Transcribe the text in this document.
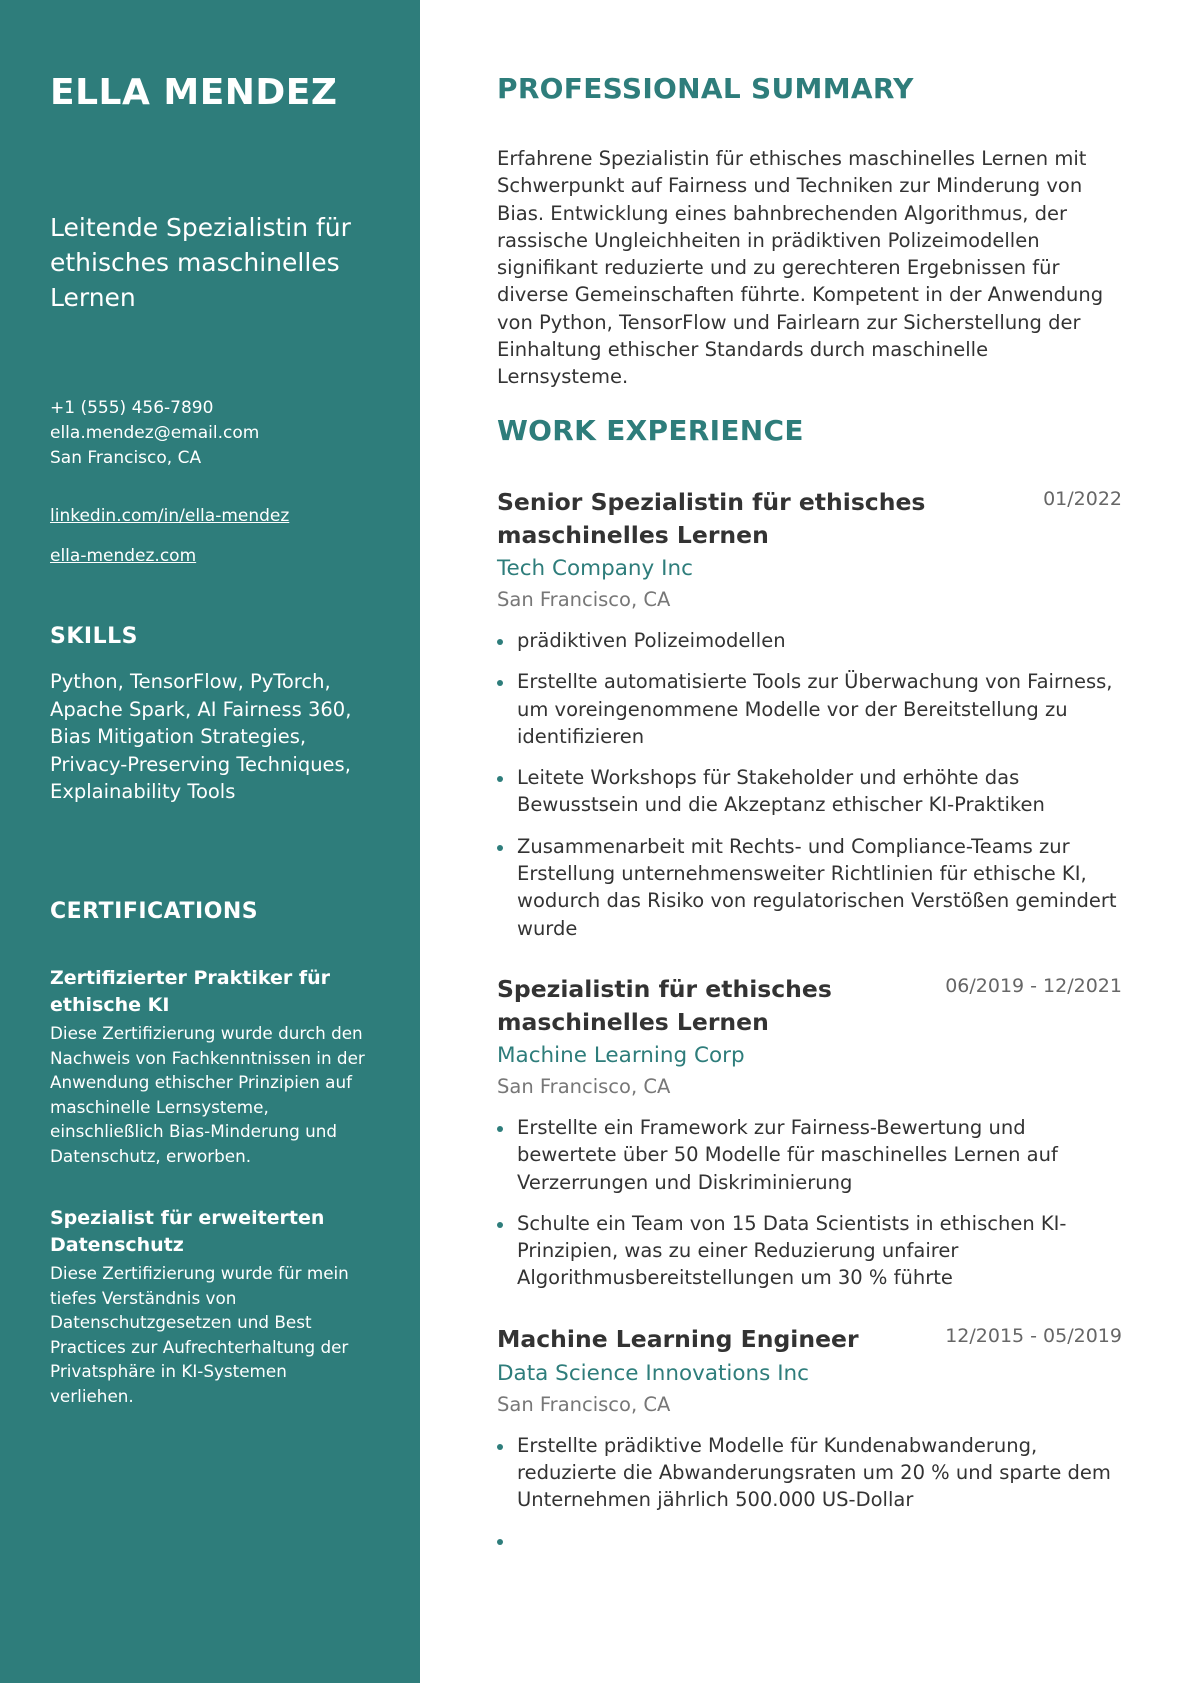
ELLA MENDEZ
Leitende Spezialistin für ethisches maschinelles Lernen
+1 (555) 456-7890
ella.mendez@email.com
San Francisco, CA
linkedin.com/in/ella-mendez
ella-mendez.com
SKILLS
Python, TensorFlow, PyTorch, Apache Spark, AI Fairness 360, Bias Mitigation Strategies, Privacy-Preserving Techniques, Explainability Tools
CERTIFICATIONS
Zertifizierter Praktiker für ethische KI
Diese Zertifizierung wurde durch den Nachweis von Fachkenntnissen in der Anwendung ethischer Prinzipien auf maschinelle Lernsysteme, einschließlich Bias-Minderung und Datenschutz, erworben.
Spezialist für erweiterten Datenschutz
Diese Zertifizierung wurde für mein tiefes Verständnis von Datenschutzgesetzen und Best Practices zur Aufrechterhaltung der Privatsphäre in KI-Systemen verliehen.
PROFESSIONAL SUMMARY
Erfahrene Spezialistin für ethisches maschinelles Lernen mit Schwerpunkt auf Fairness und Techniken zur Minderung von Bias. Entwicklung eines bahnbrechenden Algorithmus, der rassische Ungleichheiten in prädiktiven Polizeimodellen signifikant reduzierte und zu gerechteren Ergebnissen für diverse Gemeinschaften führte. Kompetent in der Anwendung von Python, TensorFlow und Fairlearn zur Sicherstellung der Einhaltung ethischer Standards durch maschinelle Lernsysteme.
WORK EXPERIENCE
Senior Spezialistin für ethisches maschinelles Lernen
01/2022
Tech Company Inc
San Francisco, CA
prädiktiven Polizeimodellen
Erstellte automatisierte Tools zur Überwachung von Fairness, um voreingenommene Modelle vor der Bereitstellung zu identifizieren
Leitete Workshops für Stakeholder und erhöhte das Bewusstsein und die Akzeptanz ethischer KI-Praktiken
Zusammenarbeit mit Rechts- und Compliance-Teams zur Erstellung unternehmensweiter Richtlinien für ethische KI, wodurch das Risiko von regulatorischen Verstößen gemindert wurde
Spezialistin für ethisches maschinelles Lernen
06/2019 - 12/2021
Machine Learning Corp
San Francisco, CA
Erstellte ein Framework zur Fairness-Bewertung und bewertete über 50 Modelle für maschinelles Lernen auf Verzerrungen und Diskriminierung
Schulte ein Team von 15 Data Scientists in ethischen KI-Prinzipien, was zu einer Reduzierung unfairer Algorithmusbereitstellungen um 30 % führte
Machine Learning Engineer	12/2015 - 05/2019
Data Science Innovations Inc
San Francisco, CA
Erstellte prädiktive Modelle für Kundenabwanderung, reduzierte die Abwanderungsraten um 20 % und sparte dem Unternehmen jährlich 500.000 US-Dollar
